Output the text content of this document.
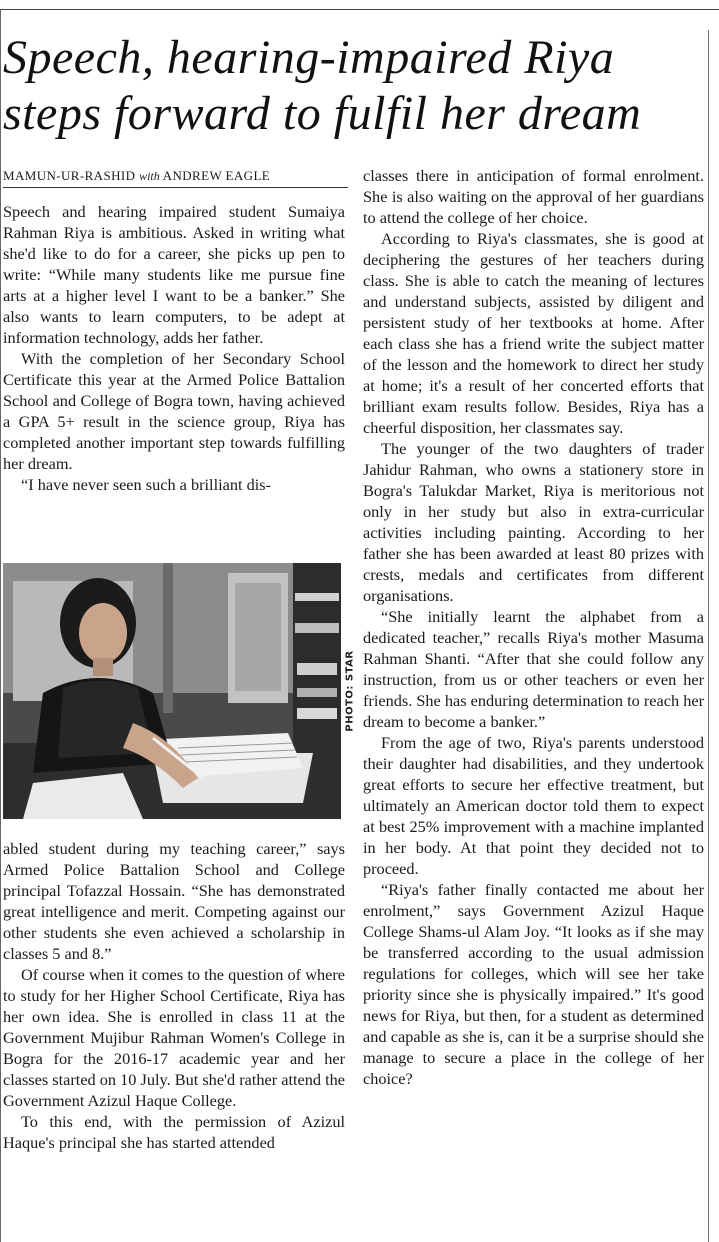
Speech, hearing-impaired Riya steps forward to fulfil her dream
MAMUN-UR-RASHID with ANDREW EAGLE

Speech and hearing impaired student Sumaiya Rahman Riya is ambitious. Asked in writing what she'd like to do for a career, she picks up pen to write: “While many students like me pursue fine arts at a higher level I want to be a banker.” She also wants to learn computers, to be adept at information technology, adds her father.

With the completion of her Secondary School Certificate this year at the Armed Police Battalion School and College of Bogra town, having achieved a GPA 5+ result in the science group, Riya has completed another important step towards fulfilling her dream.

“I have never seen such a brilliant dis-

PHOTO: STAR

abled student during my teaching career,” says Armed Police Battalion School and College principal Tofazzal Hossain. “She has demonstrated great intelligence and merit. Competing against our other students she even achieved a scholarship in classes 5 and 8.”

Of course when it comes to the question of where to study for her Higher School Certificate, Riya has her own idea. She is enrolled in class 11 at the Government Mujibur Rahman Women's College in Bogra for the 2016-17 academic year and her classes started on 10 July. But she'd rather attend the Government Azizul Haque College.

To this end, with the permission of Azizul Haque's principal she has started attended

classes there in anticipation of formal enrolment. She is also waiting on the approval of her guardians to attend the college of her choice.

According to Riya's classmates, she is good at deciphering the gestures of her teachers during class. She is able to catch the meaning of lectures and understand subjects, assisted by diligent and persistent study of her textbooks at home. After each class she has a friend write the subject matter of the lesson and the homework to direct her study at home; it's a result of her concerted efforts that brilliant exam results follow. Besides, Riya has a cheerful disposition, her classmates say.

The younger of the two daughters of trader Jahidur Rahman, who owns a stationery store in Bogra's Talukdar Market, Riya is meritorious not only in her study but also in extra-curricular activities including painting. According to her father she has been awarded at least 80 prizes with crests, medals and certificates from different organisations.

“She initially learnt the alphabet from a dedicated teacher,” recalls Riya's mother Masuma Rahman Shanti. “After that she could follow any instruction, from us or other teachers or even her friends. She has enduring determination to reach her dream to become a banker.”

From the age of two, Riya's parents understood their daughter had disabilities, and they undertook great efforts to secure her effective treatment, but ultimately an American doctor told them to expect at best 25% improvement with a machine implanted in her body. At that point they decided not to proceed.

“Riya's father finally contacted me about her enrolment,” says Government Azizul Haque College Shams-ul Alam Joy. “It looks as if she may be transferred according to the usual admission regulations for colleges, which will see her take priority since she is physically impaired.” It's good news for Riya, but then, for a student as determined and capable as she is, can it be a surprise should she manage to secure a place in the college of her choice?
